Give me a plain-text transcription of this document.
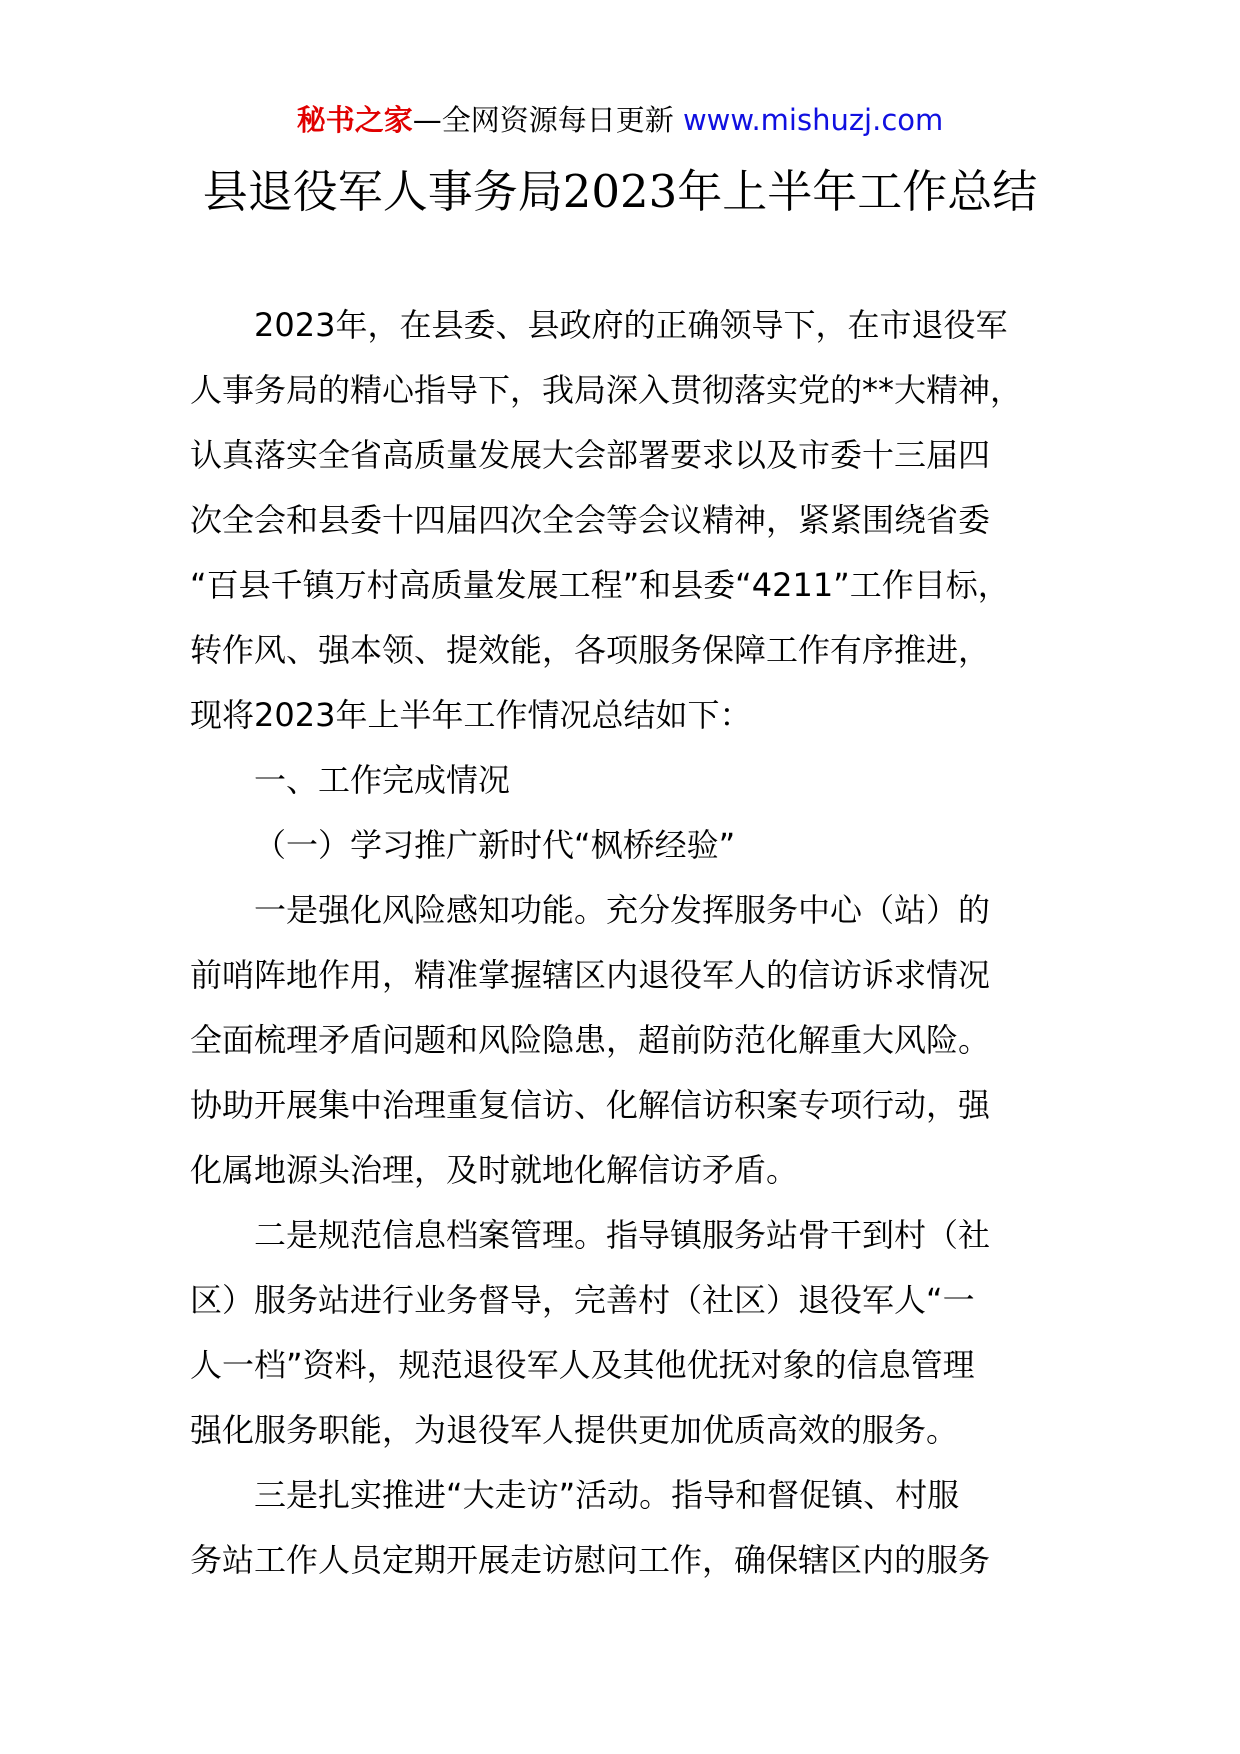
秘书之家—全网资源每日更新 www.mishuzj.com
县退役军人事务局2023年上半年工作总结
2023年，在县委、县政府的正确领导下，在市退役军
人事务局的精心指导下，我局深入贯彻落实党的**大精神，
认真落实全省高质量发展大会部署要求以及市委十三届四
次全会和县委十四届四次全会等会议精神，紧紧围绕省委
“百县千镇万村高质量发展工程”和县委“4211”工作目标，
转作风、强本领、提效能，各项服务保障工作有序推进，
现将2023年上半年工作情况总结如下：
一、工作完成情况
（一）学习推广新时代“枫桥经验”
一是强化风险感知功能。充分发挥服务中心（站）的
前哨阵地作用，精准掌握辖区内退役军人的信访诉求情况
全面梳理矛盾问题和风险隐患，超前防范化解重大风险。
协助开展集中治理重复信访、化解信访积案专项行动，强
化属地源头治理，及时就地化解信访矛盾。
二是规范信息档案管理。指导镇服务站骨干到村（社
区）服务站进行业务督导，完善村（社区）退役军人“一
人一档”资料，规范退役军人及其他优抚对象的信息管理
强化服务职能，为退役军人提供更加优质高效的服务。
三是扎实推进“大走访”活动。指导和督促镇、村服
务站工作人员定期开展走访慰问工作，确保辖区内的服务
